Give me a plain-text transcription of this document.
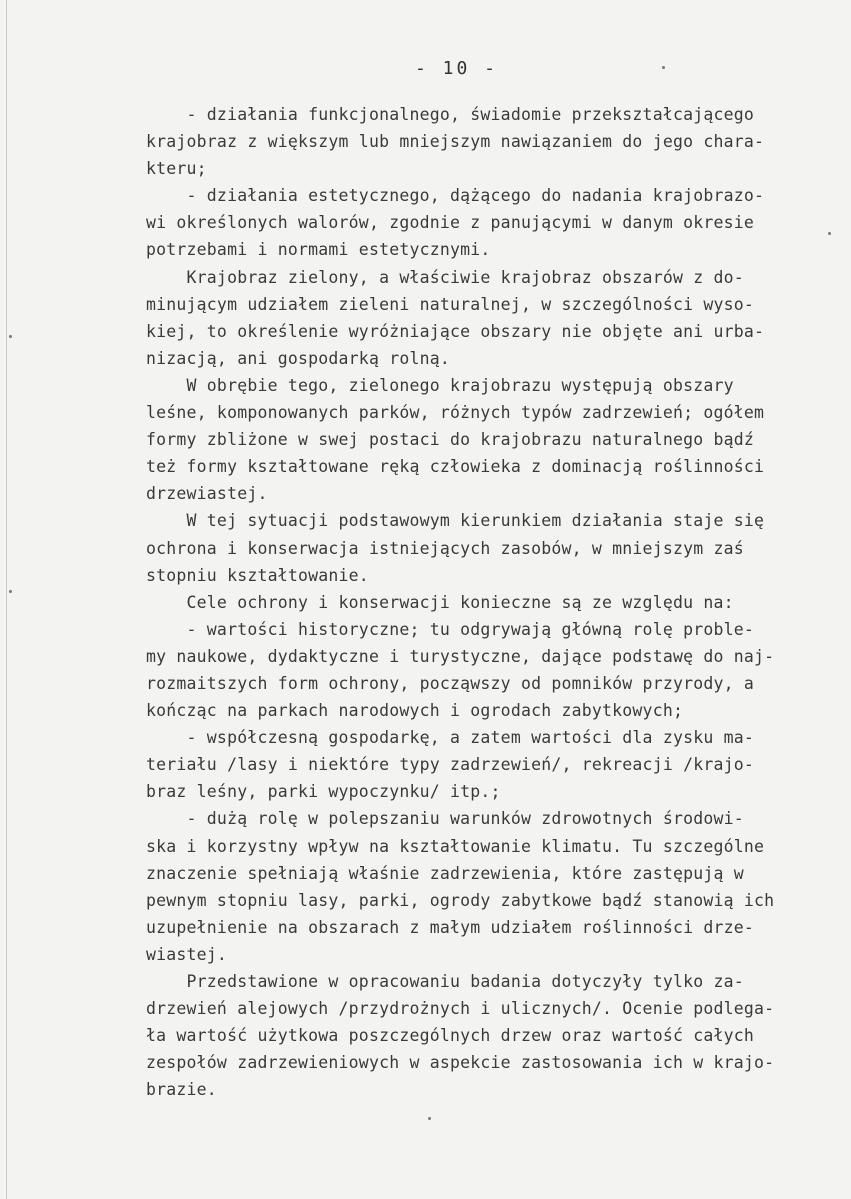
- 10 -
- działania funkcjonalnego, świadomie przekształcającego
krajobraz z większym lub mniejszym nawiązaniem do jego chara-
kteru;
- działania estetycznego, dążącego do nadania krajobrazo-
wi określonych walorów, zgodnie z panującymi w danym okresie
potrzebami i normami estetycznymi.
Krajobraz zielony, a właściwie krajobraz obszarów z do-
minującym udziałem zieleni naturalnej, w szczególności wyso-
kiej, to określenie wyróżniające obszary nie objęte ani urba-
nizacją, ani gospodarką rolną.
W obrębie tego, zielonego krajobrazu występują obszary
leśne, komponowanych parków, różnych typów zadrzewień; ogółem
formy zbliżone w swej postaci do krajobrazu naturalnego bądź
też formy kształtowane ręką człowieka z dominacją roślinności
drzewiastej.
W tej sytuacji podstawowym kierunkiem działania staje się
ochrona i konserwacja istniejących zasobów, w mniejszym zaś
stopniu kształtowanie.
Cele ochrony i konserwacji konieczne są ze względu na:
- wartości historyczne; tu odgrywają główną rolę proble-
my naukowe, dydaktyczne i turystyczne, dające podstawę do naj-
rozmaitszych form ochrony, począwszy od pomników przyrody, a
kończąc na parkach narodowych i ogrodach zabytkowych;
- współczesną gospodarkę, a zatem wartości dla zysku ma-
teriału /lasy i niektóre typy zadrzewień/, rekreacji /krajo-
braz leśny, parki wypoczynku/ itp.;
- dużą rolę w polepszaniu warunków zdrowotnych środowi-
ska i korzystny wpływ na kształtowanie klimatu. Tu szczególne
znaczenie spełniają właśnie zadrzewienia, które zastępują w
pewnym stopniu lasy, parki, ogrody zabytkowe bądź stanowią ich
uzupełnienie na obszarach z małym udziałem roślinności drze-
wiastej.
Przedstawione w opracowaniu badania dotyczyły tylko za-
drzewień alejowych /przydrożnych i ulicznych/. Ocenie podlega-
ła wartość użytkowa poszczególnych drzew oraz wartość całych
zespołów zadrzewieniowych w aspekcie zastosowania ich w krajo-
brazie.
